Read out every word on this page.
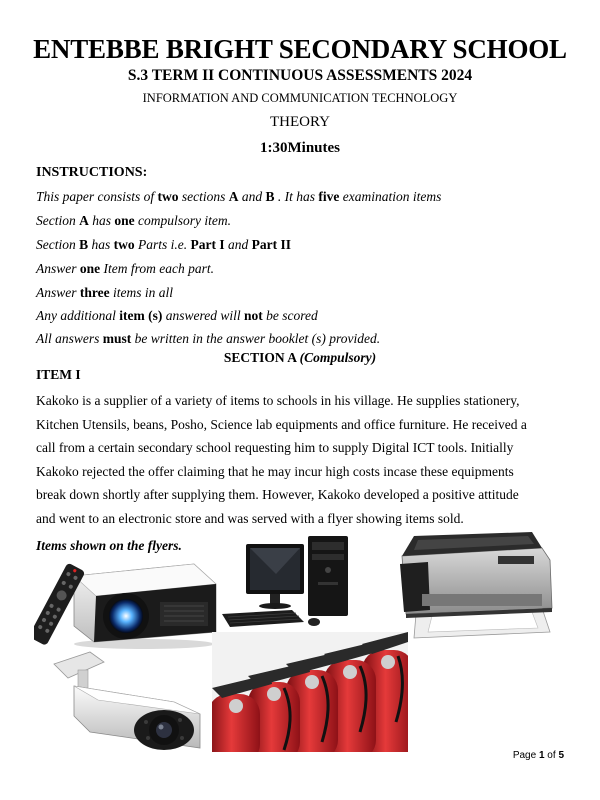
ENTEBBE BRIGHT SECONDARY SCHOOL
S.3 TERM II CONTINUOUS ASSESSMENTS 2024
INFORMATION AND COMMUNICATION TECHNOLOGY
THEORY
1:30Minutes
INSTRUCTIONS:
This paper consists of two sections A and B . It has five examination items
Section A has one compulsory item.
Section B has two Parts i.e. Part I and Part II
Answer one Item from each part.
Answer three items in all
Any additional item (s) answered will not be scored
All answers must be written in the answer booklet (s) provided.
SECTION A (Compulsory)
ITEM I
Kakoko is a supplier of a variety of items to schools in his village. He supplies stationery,
Kitchen Utensils, beans, Posho, Science lab equipments and office furniture. He received a
call from a certain secondary school requesting him to supply Digital ICT tools. Initially
Kakoko rejected the offer claiming that he may incur high costs incase these equipments
break down shortly after supplying them. However, Kakoko developed a positive attitude
and went to an electronic store and was served with a flyer showing items sold.
Items shown on the flyers.
Page 1 of 5
